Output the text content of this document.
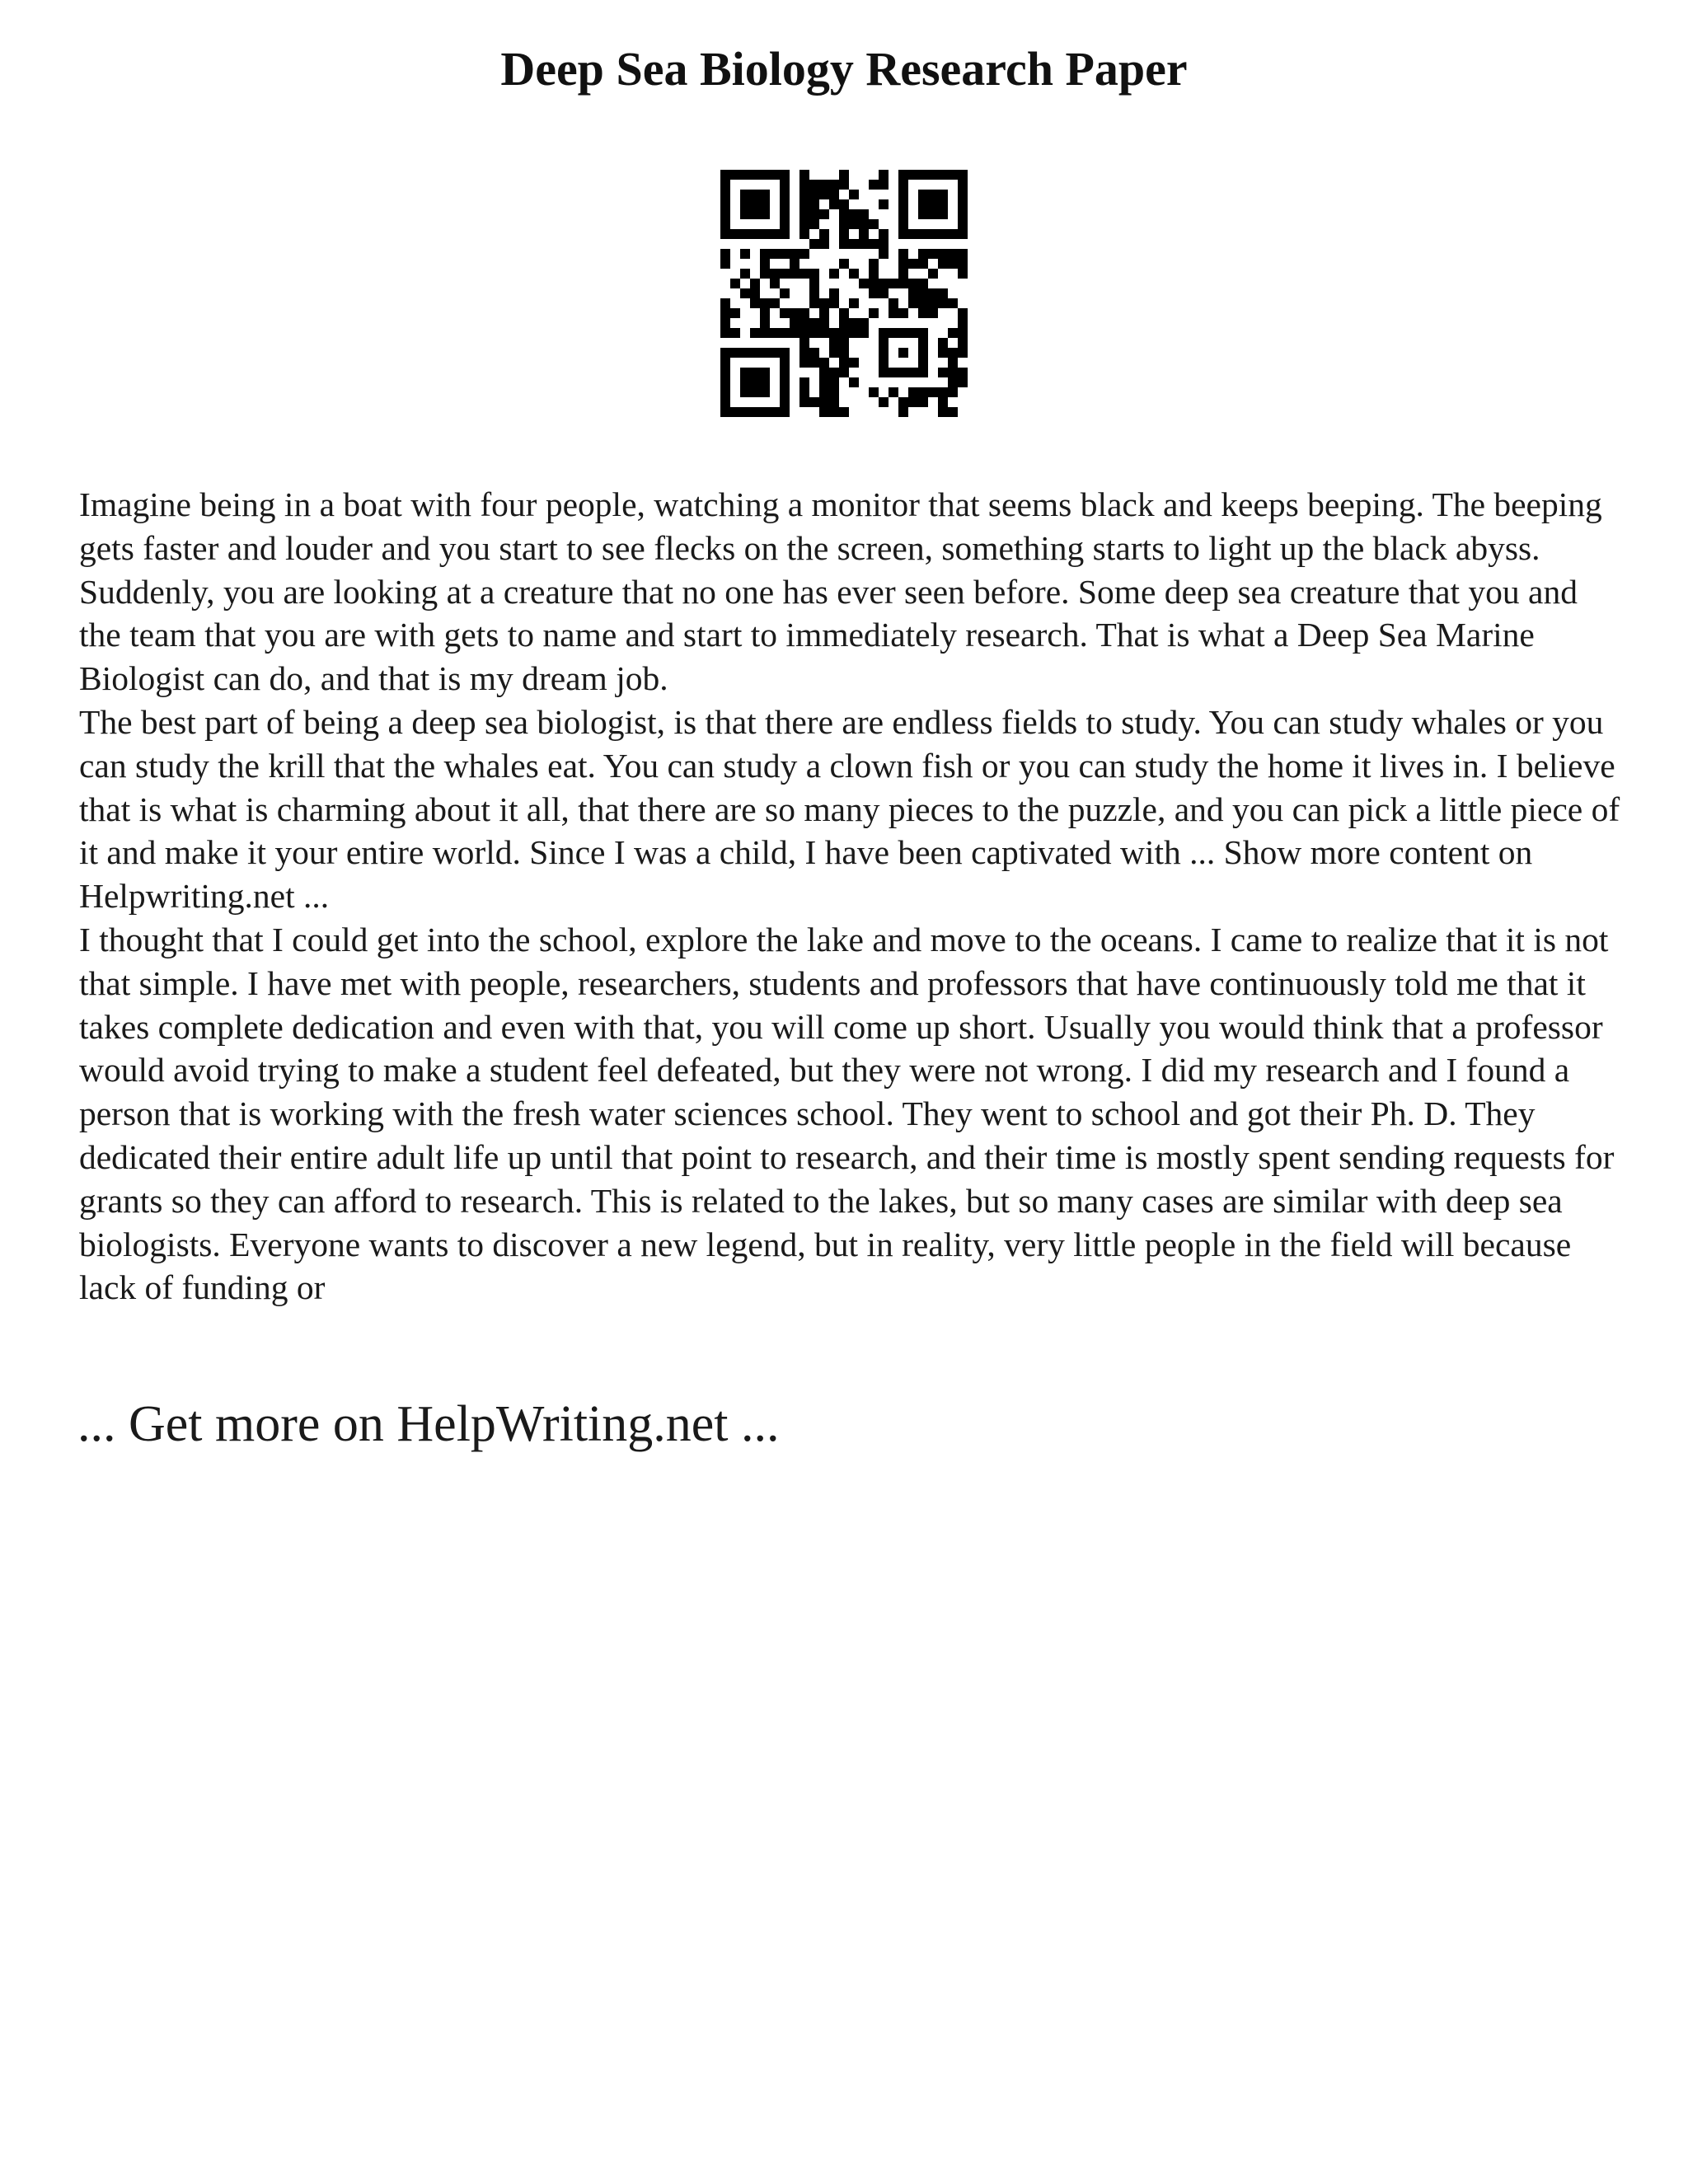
Deep Sea Biology Research Paper

Imagine being in a boat with four people, watching a monitor that seems black and keeps beeping. The beeping gets faster and louder and you start to see flecks on the screen, something starts to light up the black abyss. Suddenly, you are looking at a creature that no one has ever seen before. Some deep sea creature that you and the team that you are with gets to name and start to immediately research. That is what a Deep Sea Marine Biologist can do, and that is my dream job.

The best part of being a deep sea biologist, is that there are endless fields to study. You can study whales or you can study the krill that the whales eat. You can study a clown fish or you can study the home it lives in. I believe that is what is charming about it all, that there are so many pieces to the puzzle, and you can pick a little piece of it and make it your entire world. Since I was a child, I have been captivated with ... Show more content on Helpwriting.net ...

I thought that I could get into the school, explore the lake and move to the oceans. I came to realize that it is not that simple. I have met with people, researchers, students and professors that have continuously told me that it takes complete dedication and even with that, you will come up short. Usually you would think that a professor would avoid trying to make a student feel defeated, but they were not wrong. I did my research and I found a person that is working with the fresh water sciences school. They went to school and got their Ph. D. They dedicated their entire adult life up until that point to research, and their time is mostly spent sending requests for grants so they can afford to research. This is related to the lakes, but so many cases are similar with deep sea biologists. Everyone wants to discover a new legend, but in reality, very little people in the field will because lack of funding or

... Get more on HelpWriting.net ...
